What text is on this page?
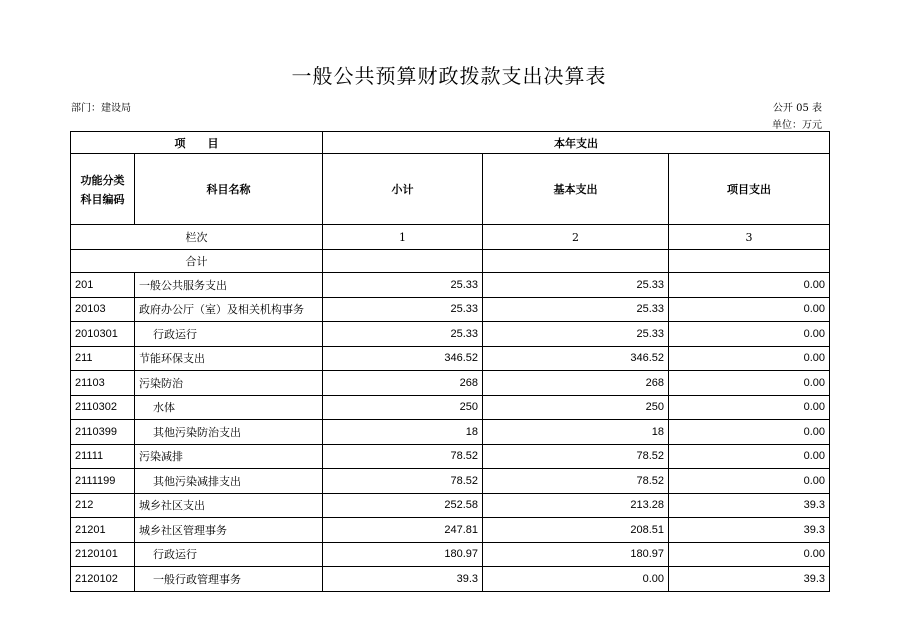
一般公共预算财政拨款支出决算表
部门：建设局	公开 05 表
单位：万元
项　　目		本年支出		

功能分类
科目编码	科目名称	小计	基本支出	项目支出
栏次		1	2	3
合计				
201	一般公共服务支出	25.33	25.33	0.00
20103	政府办公厅（室）及相关机构事务	25.33	25.33	0.00
2010301	行政运行	25.33	25.33	0.00
211	节能环保支出	346.52	346.52	0.00
21103	污染防治	268	268	0.00
2110302	水体	250	250	0.00
2110399	其他污染防治支出	18	18	0.00
21111	污染减排	78.52	78.52	0.00
2111199	其他污染减排支出	78.52	78.52	0.00
212	城乡社区支出	252.58	213.28	39.3
21201	城乡社区管理事务	247.81	208.51	39.3
2120101	行政运行	180.97	180.97	0.00
2120102	一般行政管理事务	39.3	0.00	39.3
